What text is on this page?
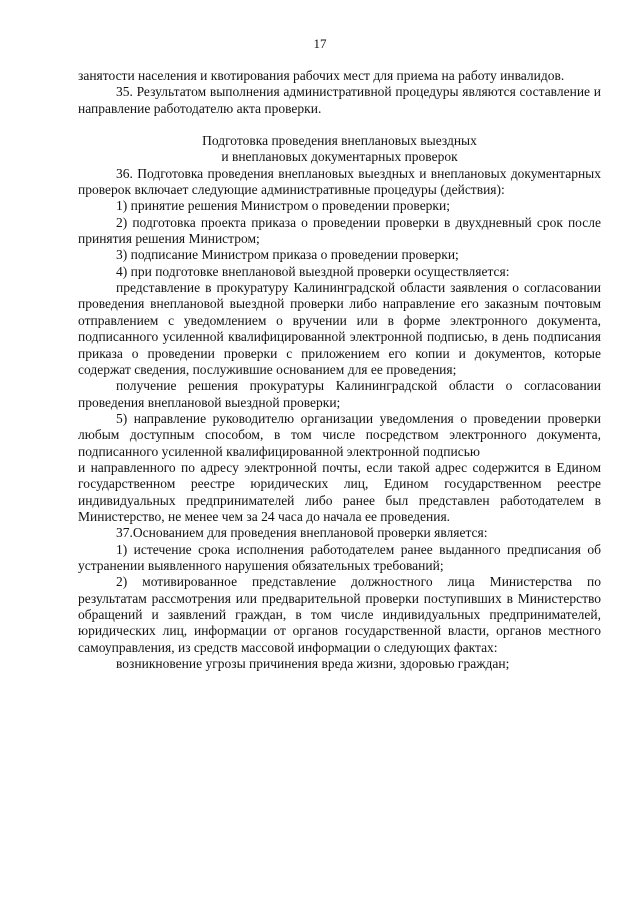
17

занятости населения и квотирования рабочих мест для приема на работу инвалидов.

35. Результатом выполнения административной процедуры являются составление и направление работодателю акта проверки.

Подготовка проведения внеплановых выездных
и внеплановых документарных проверок

36. Подготовка проведения внеплановых выездных и внеплановых документарных проверок включает следующие административные процедуры (действия):

1) принятие решения Министром о проведении проверки;

2) подготовка проекта приказа о проведении проверки в двухдневный срок после принятия решения Министром;

3) подписание Министром приказа о проведении проверки;

4) при подготовке внеплановой выездной проверки осуществляется:

представление в прокуратуру Калининградской области заявления о согласовании проведения внеплановой выездной проверки либо направление его заказным почтовым отправлением с уведомлением о вручении или в форме электронного документа, подписанного усиленной квалифицированной электронной подписью, в день подписания приказа о проведении проверки с приложением его копии и документов, которые содержат сведения, послужившие основанием для ее проведения;

получение решения прокуратуры Калининградской области о согласовании проведения внеплановой выездной проверки;

5) направление руководителю организации уведомления о проведении проверки любым доступным способом, в том числе посредством электронного документа, подписанного усиленной квалифицированной электронной подписью

и направленного по адресу электронной почты, если такой адрес содержится в Едином государственном реестре юридических лиц, Едином государственном реестре индивидуальных предпринимателей либо ранее был представлен работодателем в Министерство, не менее чем за 24 часа до начала ее проведения.

37.Основанием для проведения внеплановой проверки является:

1) истечение срока исполнения работодателем ранее выданного предписания об устранении выявленного нарушения обязательных требований;

2) мотивированное представление должностного лица Министерства по результатам рассмотрения или предварительной проверки поступивших в Министерство обращений и заявлений граждан, в том числе индивидуальных предпринимателей, юридических лиц, информации от органов государственной власти, органов местного самоуправления, из средств массовой информации о следующих фактах:

возникновение угрозы причинения вреда жизни, здоровью граждан;
